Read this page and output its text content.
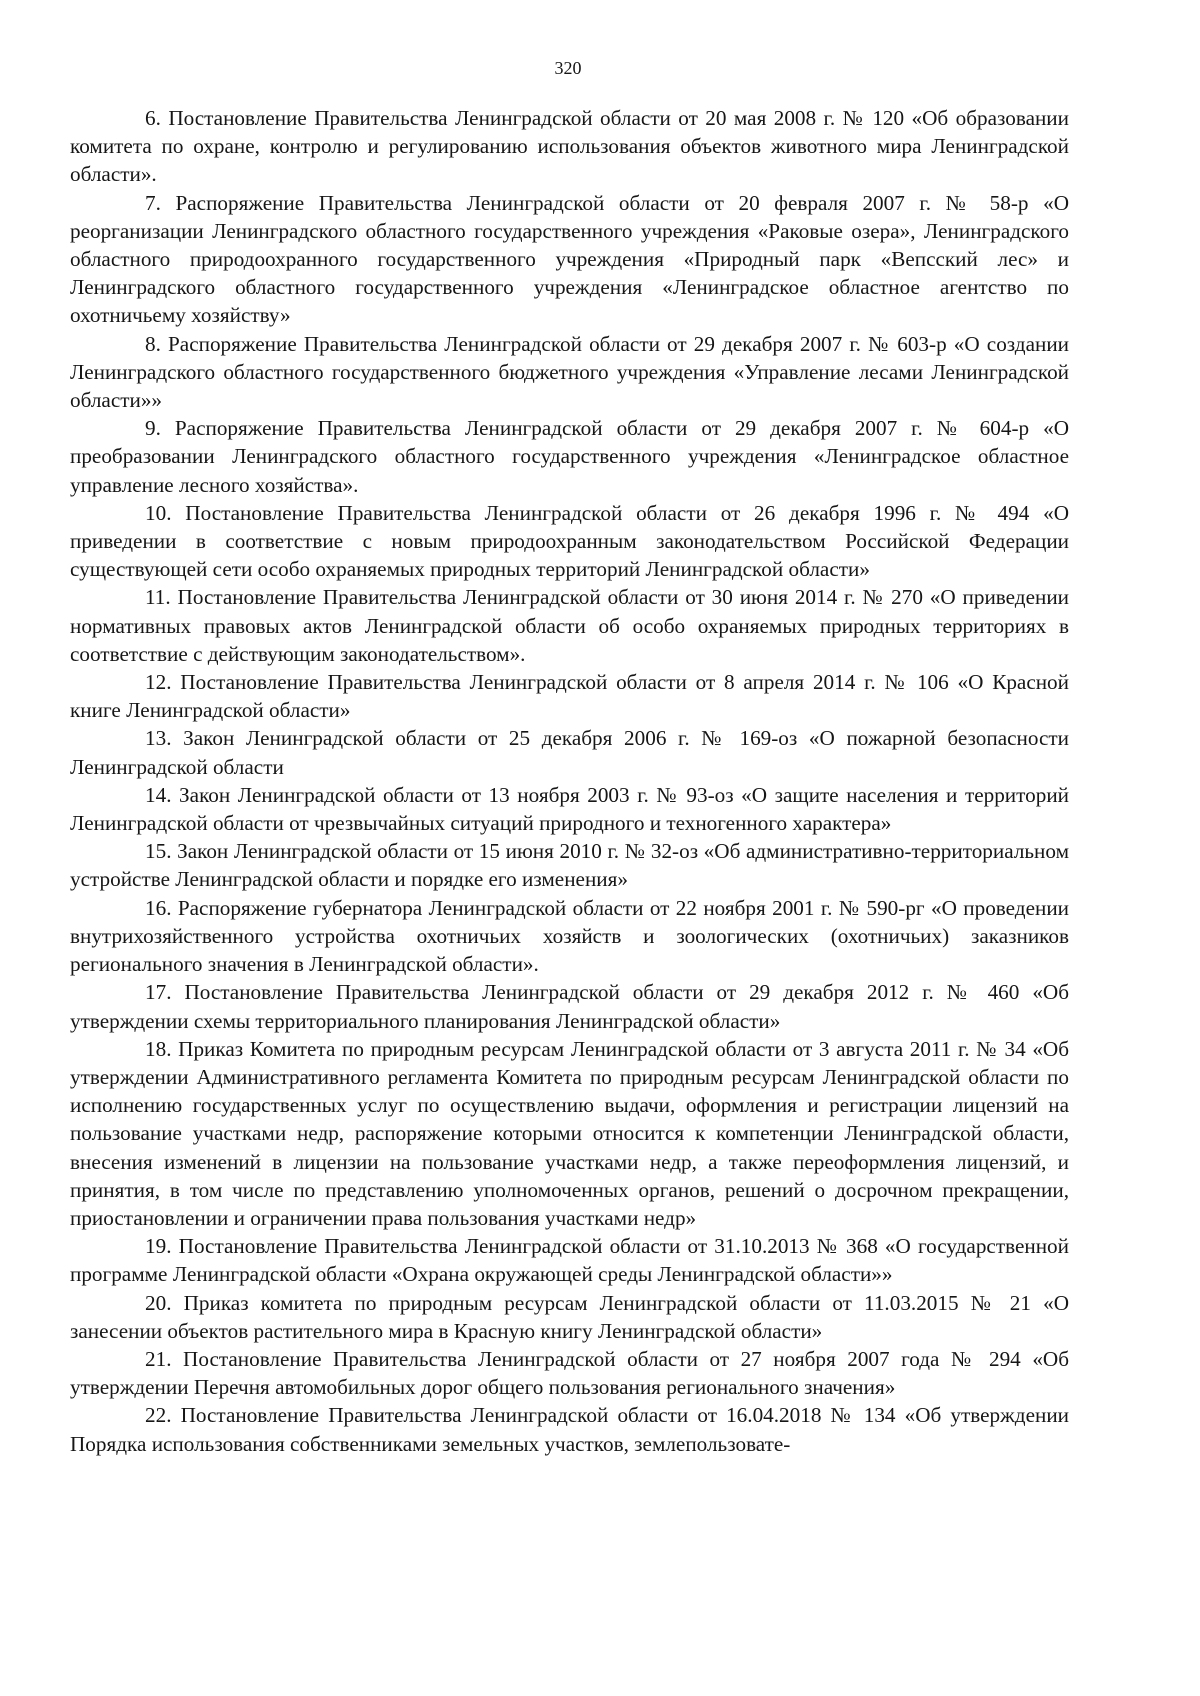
320

6. Постановление Правительства Ленинградской области от 20 мая 2008 г. № 120 «Об образовании комитета по охране, контролю и регулированию использования объектов животного мира Ленинградской области».

7. Распоряжение Правительства Ленинградской области от 20 февраля 2007 г. № 58-р «О реорганизации Ленинградского областного государственного учреждения «Раковые озера», Ленинградского областного природоохранного государственного учреждения «Природный парк «Вепсский лес» и Ленинградского областного государственного учреждения «Ленинградское областное агентство по охотничьему хозяйству»

8. Распоряжение Правительства Ленинградской области от 29 декабря 2007 г. № 603-р «О создании Ленинградского областного государственного бюджетного учреждения «Управление лесами Ленинградской области»»

9. Распоряжение Правительства Ленинградской области от 29 декабря 2007 г. № 604-р «О преобразовании Ленинградского областного государственного учреждения «Ленинградское областное управление лесного хозяйства».

10. Постановление Правительства Ленинградской области от 26 декабря 1996 г. № 494 «О приведении в соответствие с новым природоохранным законодательством Российской Федерации существующей сети особо охраняемых природных территорий Ленинградской области»

11. Постановление Правительства Ленинградской области от 30 июня 2014 г. № 270 «О приведении нормативных правовых актов Ленинградской области об особо охраняемых природных территориях в соответствие с действующим законодательством».

12. Постановление Правительства Ленинградской области от 8 апреля 2014 г. № 106 «О Красной книге Ленинградской области»

13. Закон Ленинградской области от 25 декабря 2006 г. № 169-оз «О пожарной безопасности Ленинградской области

14. Закон Ленинградской области от 13 ноября 2003 г. № 93-оз «О защите населения и территорий Ленинградской области от чрезвычайных ситуаций природного и техногенного характера»

15. Закон Ленинградской области от 15 июня 2010 г. № 32-оз «Об административно-территориальном устройстве Ленинградской области и порядке его изменения»

16. Распоряжение губернатора Ленинградской области от 22 ноября 2001 г. № 590-рг «О проведении внутрихозяйственного устройства охотничьих хозяйств и зоологических (охотничьих) заказников регионального значения в Ленинградской области».

17. Постановление Правительства Ленинградской области от 29 декабря 2012 г. № 460 «Об утверждении схемы территориального планирования Ленинградской области»

18. Приказ Комитета по природным ресурсам Ленинградской области от 3 августа 2011 г. № 34 «Об утверждении Административного регламента Комитета по природным ресурсам Ленинградской области по исполнению государственных услуг по осуществлению выдачи, оформления и регистрации лицензий на пользование участками недр, распоряжение которыми относится к компетенции Ленинградской области, внесения изменений в лицензии на пользование участками недр, а также переоформления лицензий, и принятия, в том числе по представлению уполномоченных органов, решений о досрочном прекращении, приостановлении и ограничении права пользования участками недр»

19. Постановление Правительства Ленинградской области от 31.10.2013 № 368 «О государственной программе Ленинградской области «Охрана окружающей среды Ленинградской области»»

20. Приказ комитета по природным ресурсам Ленинградской области от 11.03.2015 № 21 «О занесении объектов растительного мира в Красную книгу Ленинградской области»

21. Постановление Правительства Ленинградской области от 27 ноября 2007 года № 294 «Об утверждении Перечня автомобильных дорог общего пользования регионального значения»

22. Постановление Правительства Ленинградской области от 16.04.2018 № 134 «Об утверждении Порядка использования собственниками земельных участков, землепользовате-
